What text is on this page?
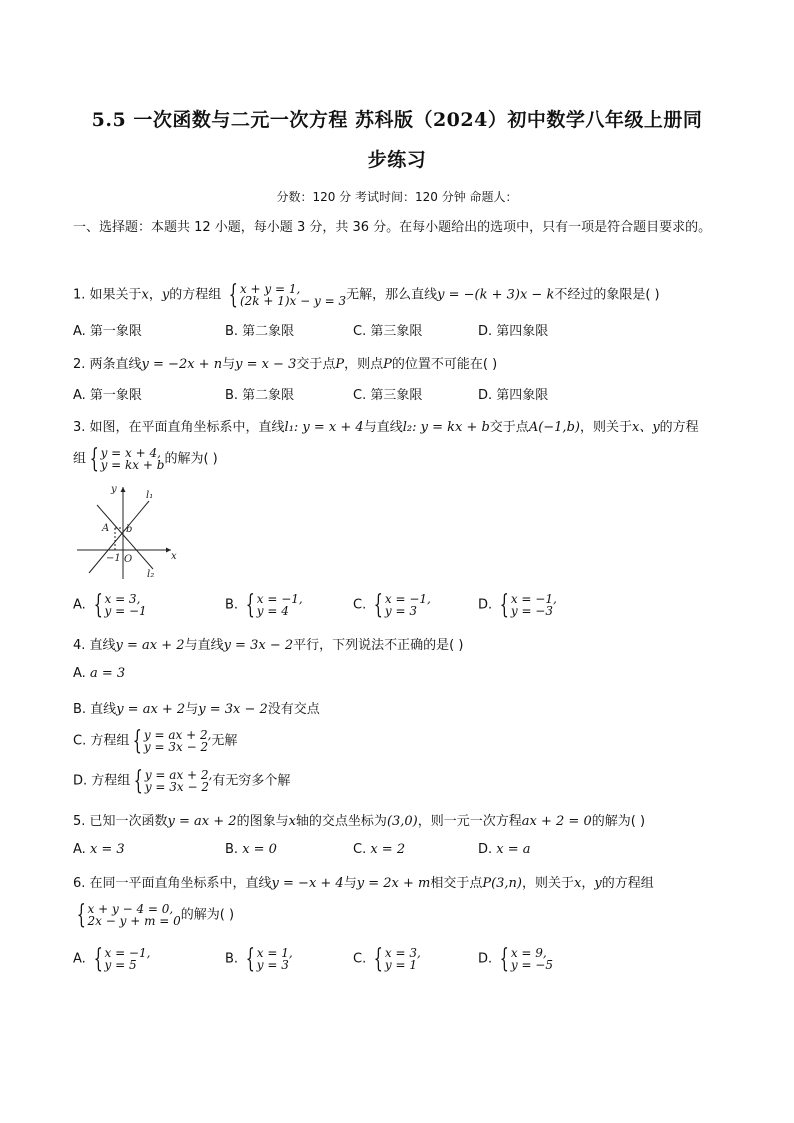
5.5 一次函数与二元一次方程 苏科版（2024）初中数学八年级上册同
步练习
分数：120 分 考试时间：120 分钟 命题人：
一、选择题：本题共 12 小题，每小题 3 分，共 36 分。在每小题给出的选项中，只有一项是符合题目要求的。
1. 如果关于x，y的方程组 { x + y = 1,
(2k + 1)x − y = 3 无解，那么直线y = −(k + 3)x − k不经过的象限是( )
A. 第一象限	B. 第二象限	C. 第三象限	D. 第四象限
2. 两条直线y = −2x + n与y = x − 3交于点P，则点P的位置不可能在( )
A. 第一象限	B. 第二象限	C. 第三象限	D. 第四象限
3. 如图，在平面直角坐标系中，直线l₁: y = x + 4与直线l₂: y = kx + b交于点A(−1,b)，则关于x、y的方程
组 { y = x + 4,
y = kx + b 的解为( )
y
x
O
A b
−1
l₁
l₂
A. { x = 3,
y = −1	B. { x = −1,
y = 4	C. { x = −1,
y = 3	D. { x = −1,
y = −3
4. 直线y = ax + 2与直线y = 3x − 2平行，下列说法不正确的是( )
A. a = 3
B. 直线y = ax + 2与y = 3x − 2没有交点
C. 方程组 { y = ax + 2,
y = 3x − 2 无解
D. 方程组 { y = ax + 2,
y = 3x − 2 有无穷多个解
5. 已知一次函数y = ax + 2的图象与x轴的交点坐标为(3,0)，则一元一次方程ax + 2 = 0的解为( )
A. x = 3	B. x = 0	C. x = 2	D. x = a
6. 在同一平面直角坐标系中，直线y = −x + 4与y = 2x + m相交于点P(3,n)，则关于x，y的方程组
{ x + y − 4 = 0,
2x − y + m = 0 的解为( )
A. { x = −1,
y = 5	B. { x = 1,
y = 3	C. { x = 3,
y = 1	D. { x = 9,
y = −5
